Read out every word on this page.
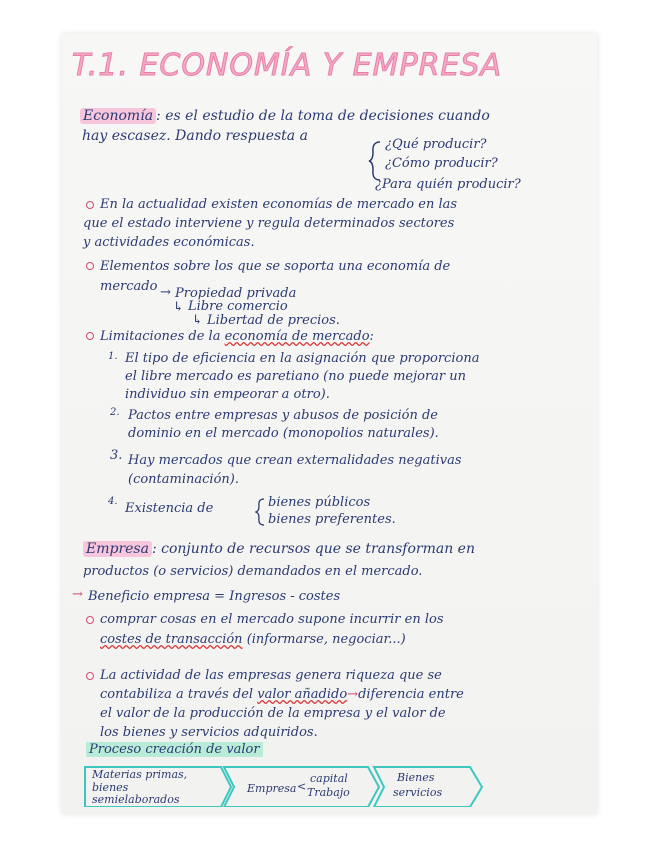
T.1. ECONOMÍA Y EMPRESA
Economía : es el estudio de la toma de decisiones cuando
hay escasez. Dando respuesta a
¿Qué producir?
¿Cómo producir?
¿Para quién producir?
En la actualidad existen economías de mercado en las
que el estado interviene y regula determinados sectores
y actividades económicas.
Elementos sobre los que se soporta una economía de
mercado → Propiedad privada
↳ Libre comercio
↳ Libertad de precios.
Limitaciones de la economía de mercado:
1. El tipo de eficiencia en la asignación que proporciona
el libre mercado es paretiano (no puede mejorar un
individuo sin empeorar a otro).
2. Pactos entre empresas y abusos de posición de
dominio en el mercado (monopolios naturales).
3. Hay mercados que crean externalidades negativas
(contaminación).
4. Existencia de	bienes públicos
bienes preferentes.
Empresa : conjunto de recursos que se transforman en
productos (o servicios) demandados en el mercado.
→ Beneficio empresa = Ingresos - costes
comprar cosas en el mercado supone incurrir en los
costes de transacción (informarse, negociar...)
La actividad de las empresas genera riqueza que se
contabiliza a través del valor añadido→diferencia entre
el valor de la producción de la empresa y el valor de
los bienes y servicios adquiridos.
Proceso creación de valor
Materias primas,
bienes
semielaborados
Empresa <
capital
Trabajo
Bienes
servicios
